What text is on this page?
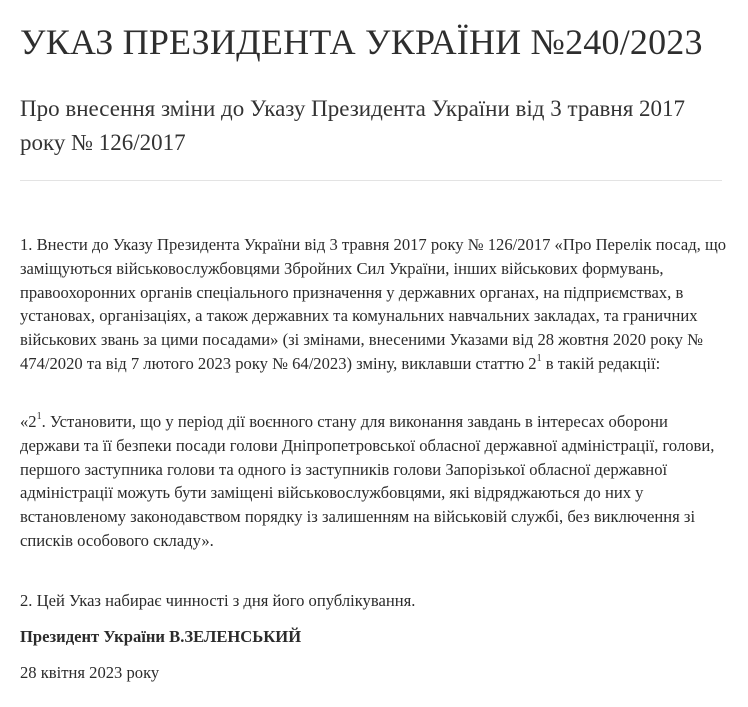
УКАЗ ПРЕЗИДЕНТА УКРАЇНИ №240/2023
Про внесення зміни до Указу Президента України від 3 травня 2017 року № 126/2017

1. Внести до Указу Президента України від 3 травня 2017 року № 126/2017 «Про Перелік посад, що заміщуються військовослужбовцями Збройних Сил України, інших військових формувань, правоохоронних органів спеціального призначення у державних органах, на підприємствах, в установах, організаціях, а також державних та комунальних навчальних закладах, та граничних військових звань за цими посадами» (зі змінами, внесеними Указами від 28 жовтня 2020 року № 474/2020 та від 7 лютого 2023 року № 64/2023) зміну, виклавши статтю $2^1$ в такій редакції:

«$2^1$. Установити, що у період дії воєнного стану для виконання завдань в інтересах оборони держави та її безпеки посади голови Дніпропетровської обласної державної адміністрації, голови, першого заступника голови та одного із заступників голови Запорізької обласної державної адміністрації можуть бути заміщені військовослужбовцями, які відряджаються до них у встановленому законодавством порядку із залишенням на військовій службі, без виключення зі списків особового складу».

2. Цей Указ набирає чинності з дня його опублікування.

Президент України В.ЗЕЛЕНСЬКИЙ

28 квітня 2023 року
